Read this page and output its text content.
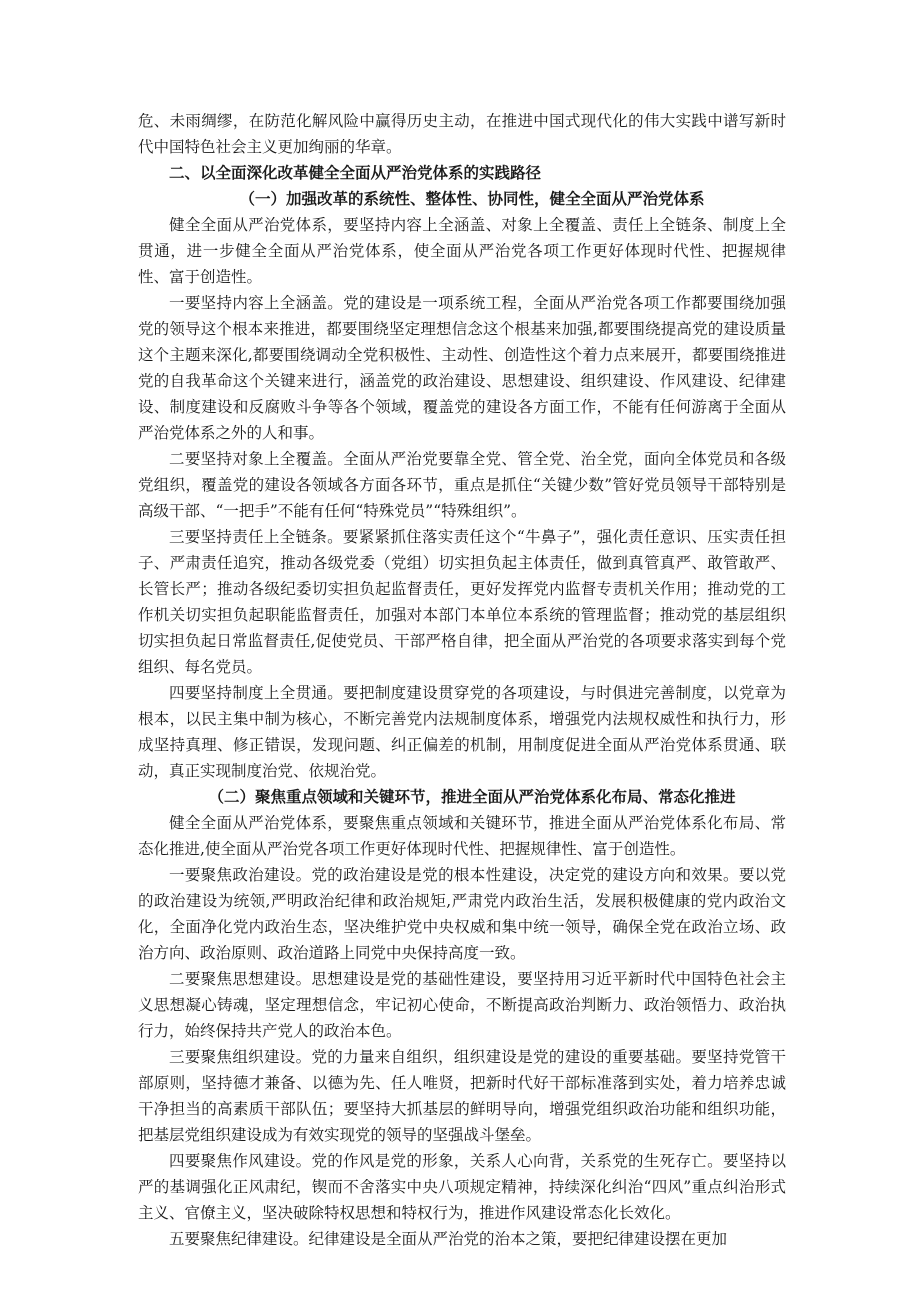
危、未雨绸缪，在防范化解风险中赢得历史主动，在推进中国式现代化的伟大实践中谱写新时代中国特色社会主义更加绚丽的华章。

二、以全面深化改革健全全面从严治党体系的实践路径

（一）加强改革的系统性、整体性、协同性，健全全面从严治党体系

健全全面从严治党体系，要坚持内容上全涵盖、对象上全覆盖、责任上全链条、制度上全贯通，进一步健全全面从严治党体系，使全面从严治党各项工作更好体现时代性、把握规律性、富于创造性。

一要坚持内容上全涵盖。党的建设是一项系统工程，全面从严治党各项工作都要围绕加强党的领导这个根本来推进，都要围绕坚定理想信念这个根基来加强,都要围绕提高党的建设质量这个主题来深化,都要围绕调动全党积极性、主动性、创造性这个着力点来展开，都要围绕推进党的自我革命这个关键来进行，涵盖党的政治建设、思想建设、组织建设、作风建设、纪律建设、制度建设和反腐败斗争等各个领域，覆盖党的建设各方面工作，不能有任何游离于全面从严治党体系之外的人和事。

二要坚持对象上全覆盖。全面从严治党要靠全党、管全党、治全党，面向全体党员和各级党组织，覆盖党的建设各领域各方面各环节，重点是抓住“关键少数”管好党员领导干部特别是高级干部、“一把手”不能有任何“特殊党员”“特殊组织”。

三要坚持责任上全链条。要紧紧抓住落实责任这个“牛鼻子”，强化责任意识、压实责任担子、严肃责任追究，推动各级党委（党组）切实担负起主体责任，做到真管真严、敢管敢严、长管长严；推动各级纪委切实担负起监督责任，更好发挥党内监督专责机关作用；推动党的工作机关切实担负起职能监督责任，加强对本部门本单位本系统的管理监督；推动党的基层组织切实担负起日常监督责任,促使党员、干部严格自律，把全面从严治党的各项要求落实到每个党组织、每名党员。

四要坚持制度上全贯通。要把制度建设贯穿党的各项建设，与时俱进完善制度，以党章为根本，以民主集中制为核心，不断完善党内法规制度体系，增强党内法规权威性和执行力，形成坚持真理、修正错误，发现问题、纠正偏差的机制，用制度促进全面从严治党体系贯通、联动，真正实现制度治党、依规治党。

（二）聚焦重点领域和关键环节，推进全面从严治党体系化布局、常态化推进

健全全面从严治党体系，要聚焦重点领域和关键环节，推进全面从严治党体系化布局、常态化推进,使全面从严治党各项工作更好体现时代性、把握规律性、富于创造性。

一要聚焦政治建设。党的政治建设是党的根本性建设，决定党的建设方向和效果。要以党的政治建设为统领,严明政治纪律和政治规矩,严肃党内政治生活，发展积极健康的党内政治文化，全面净化党内政治生态，坚决维护党中央权威和集中统一领导，确保全党在政治立场、政治方向、政治原则、政治道路上同党中央保持高度一致。

二要聚焦思想建设。思想建设是党的基础性建设，要坚持用习近平新时代中国特色社会主义思想凝心铸魂，坚定理想信念，牢记初心使命，不断提高政治判断力、政治领悟力、政治执行力，始终保持共产党人的政治本色。

三要聚焦组织建设。党的力量来自组织，组织建设是党的建设的重要基础。要坚持党管干部原则，坚持德才兼备、以德为先、任人唯贤，把新时代好干部标准落到实处，着力培养忠诚干净担当的高素质干部队伍；要坚持大抓基层的鲜明导向，增强党组织政治功能和组织功能，把基层党组织建设成为有效实现党的领导的坚强战斗堡垒。

四要聚焦作风建设。党的作风是党的形象，关系人心向背，关系党的生死存亡。要坚持以严的基调强化正风肃纪，锲而不舍落实中央八项规定精神，持续深化纠治“四风”重点纠治形式主义、官僚主义，坚决破除特权思想和特权行为，推进作风建设常态化长效化。

五要聚焦纪律建设。纪律建设是全面从严治党的治本之策，要把纪律建设摆在更加
